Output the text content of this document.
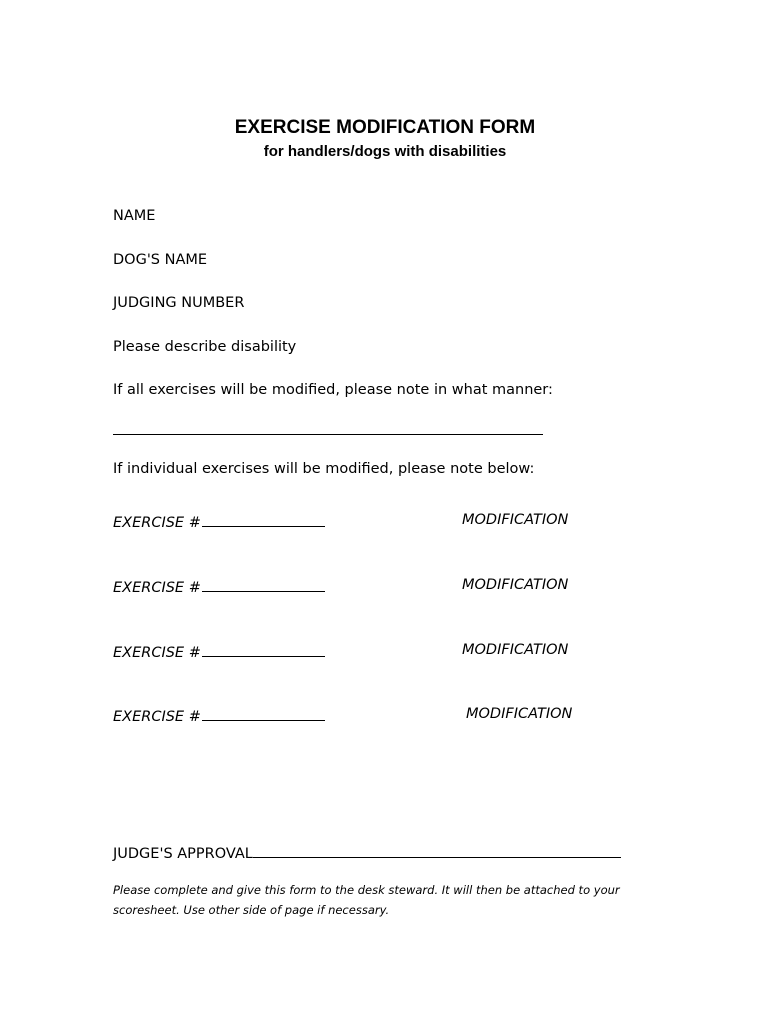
EXERCISE MODIFICATION FORM
for handlers/dogs with disabilities
NAME
DOG'S NAME
JUDGING NUMBER
Please describe disability
If all exercises will be modified, please note in what manner:
If individual exercises will be modified, please note below:
EXERCISE #	MODIFICATION
EXERCISE #	MODIFICATION
EXERCISE #	MODIFICATION
EXERCISE #	MODIFICATION
JUDGE'S APPROVAL
Please complete and give this form to the desk steward. It will then be attached to your scoresheet. Use other side of page if necessary.
